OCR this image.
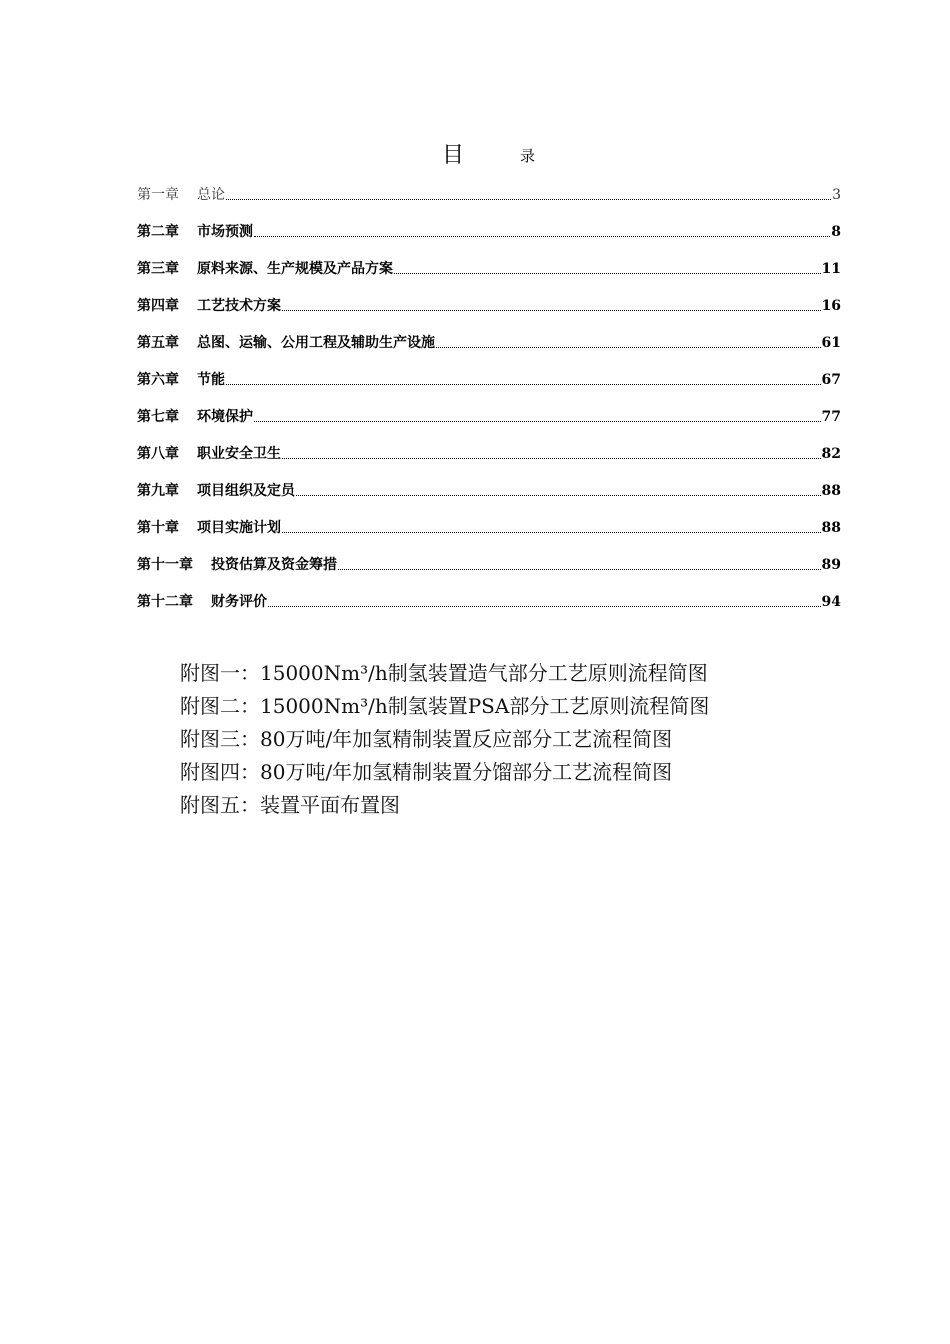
目	录
第一章 总论	3
第二章 市场预测	8
第三章 原料来源、生产规模及产品方案	11
第四章 工艺技术方案	16
第五章 总图、运输、公用工程及辅助生产设施	61
第六章 节能	67
第七章 环境保护	77
第八章 职业安全卫生	82
第九章 项目组织及定员	88
第十章 项目实施计划	88
第十一章 投资估算及资金筹措	89
第十二章 财务评价	94
附图一：15000Nm³/h制氢装置造气部分工艺原则流程简图
附图二：15000Nm³/h制氢装置PSA部分工艺原则流程简图
附图三：80万吨/年加氢精制装置反应部分工艺流程简图
附图四：80万吨/年加氢精制装置分馏部分工艺流程简图
附图五：装置平面布置图
